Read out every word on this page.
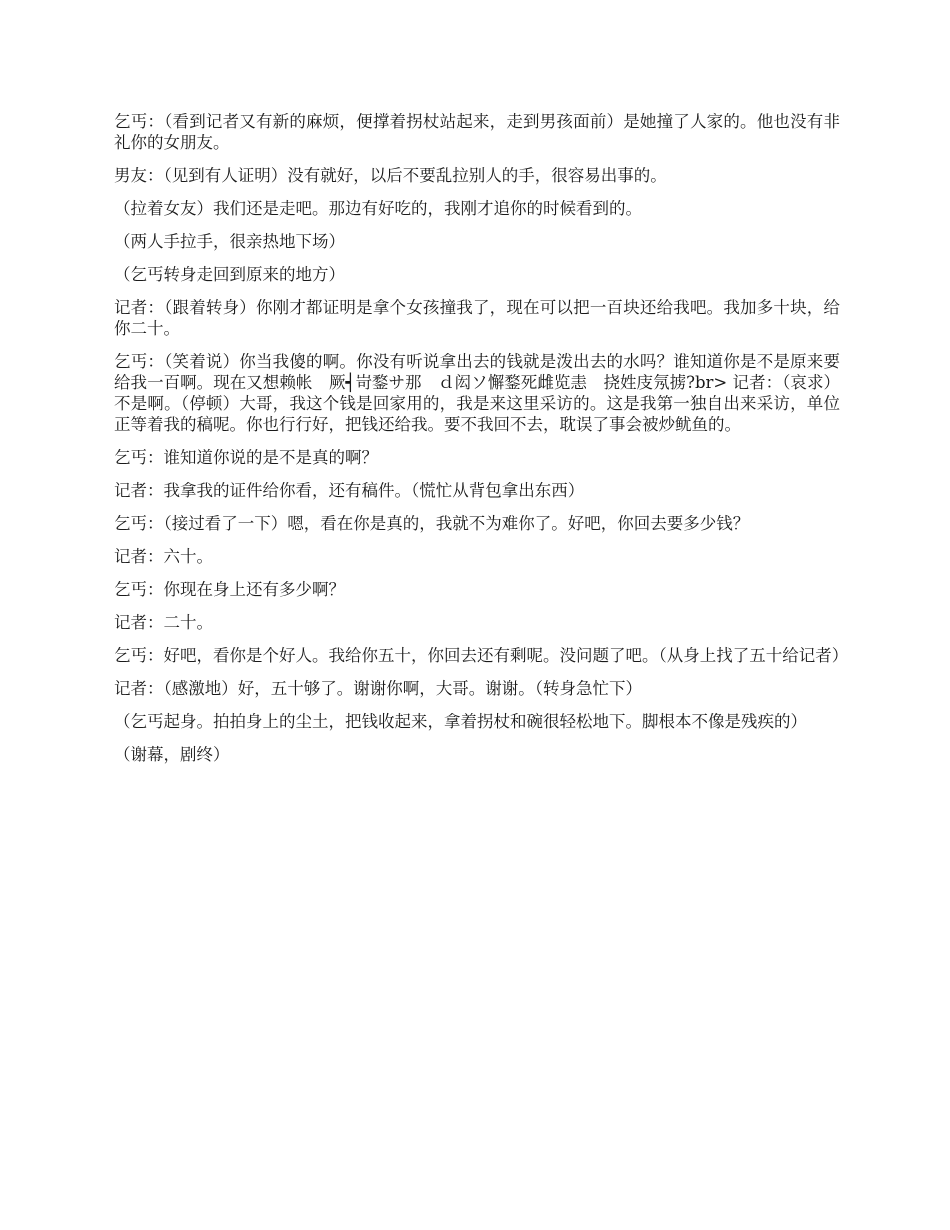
乞丐：（看到记者又有新的麻烦，便撑着拐杖站起来，走到男孩面前）是她撞了人家的。他也没有非礼你的女朋友。

男友：（见到有人证明）没有就好，以后不要乱拉别人的手，很容易出事的。

（拉着女友）我们还是走吧。那边有好吃的，我刚才追你的时候看到的。

（两人手拉手，很亲热地下场）

（乞丐转身走回到原来的地方）

记者：（跟着转身）你刚才都证明是拿个女孩撞我了，现在可以把一百块还给我吧。我加多十块，给你二十。

乞丐：（笑着说）你当我傻的啊。你没有听说拿出去的钱就是泼出去的水吗？谁知道你是不是原来要给我一百啊。现在又想赖帐　厥┥岢鍪サ那　ｄ闳ソ懈鍪死雌览恚　挠姓庋氖掳?br> 记者：（哀求）不是啊。（停顿）大哥，我这个钱是回家用的，我是来这里采访的。这是我第一独自出来采访，单位正等着我的稿呢。你也行行好，把钱还给我。要不我回不去，耽误了事会被炒鱿鱼的。

乞丐：谁知道你说的是不是真的啊？

记者：我拿我的证件给你看，还有稿件。（慌忙从背包拿出东西）

乞丐：（接过看了一下）嗯，看在你是真的，我就不为难你了。好吧，你回去要多少钱？

记者：六十。

乞丐：你现在身上还有多少啊？

记者：二十。

乞丐：好吧，看你是个好人。我给你五十，你回去还有剩呢。没问题了吧。（从身上找了五十给记者）

记者：（感激地）好，五十够了。谢谢你啊，大哥。谢谢。（转身急忙下）

（乞丐起身。拍拍身上的尘土，把钱收起来，拿着拐杖和碗很轻松地下。脚根本不像是残疾的）

（谢幕，剧终）
